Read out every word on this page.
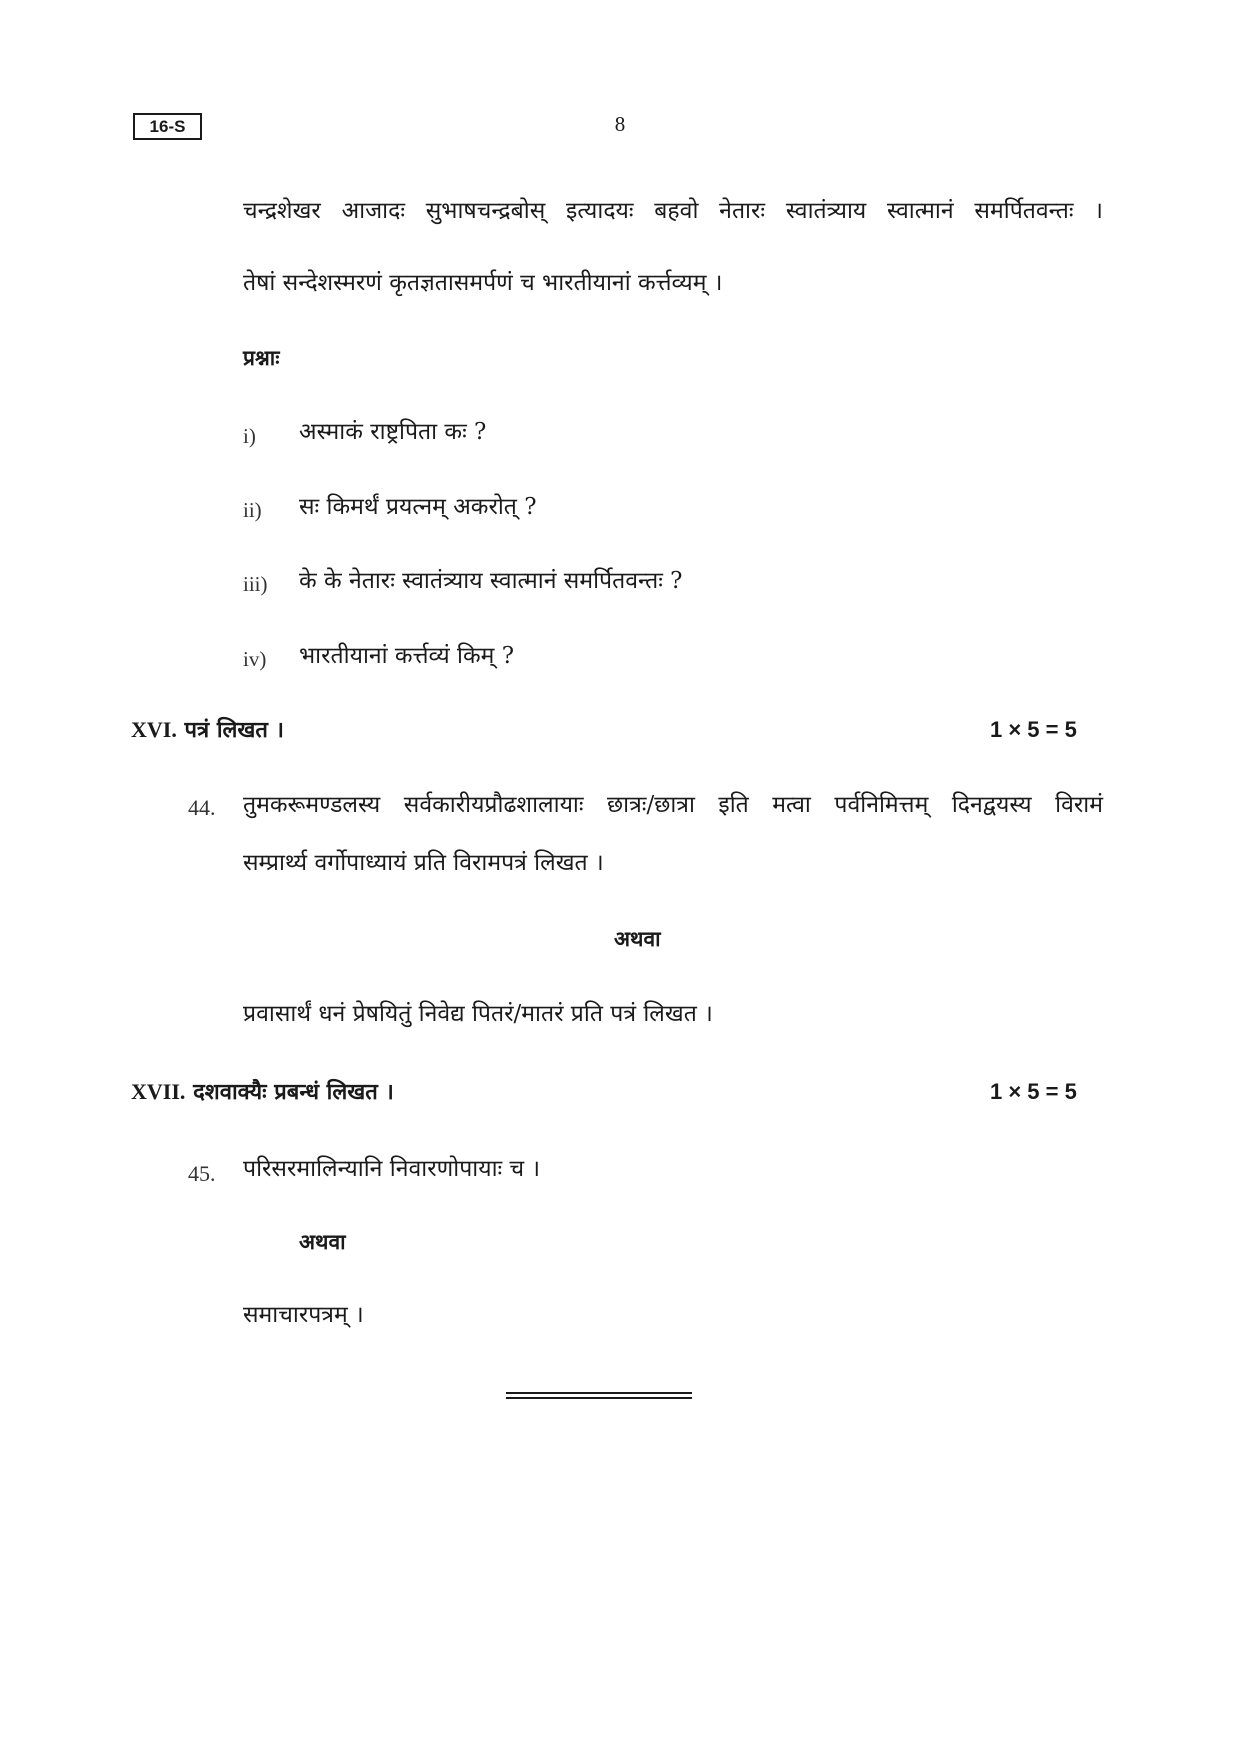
16-S	8
चन्द्रशेखर आजादः सुभाषचन्द्रबोस् इत्यादयः बहवो नेतारः स्वातंत्र्याय स्वात्मानं समर्पितवन्तः ।
तेषां सन्देशस्मरणं कृतज्ञतासमर्पणं च भारतीयानां कर्त्तव्यम् ।
प्रश्नाः
i) अस्माकं राष्ट्रपिता कः ?
ii) सः किमर्थं प्रयत्नम् अकरोत् ?
iii) के के नेतारः स्वातंत्र्याय स्वात्मानं समर्पितवन्तः ?
iv) भारतीयानां कर्त्तव्यं किम् ?
XVI. पत्रं लिखत ।	1 × 5 = 5
44. तुमकरूमण्डलस्य सर्वकारीयप्रौढशालायाः छात्रः/छात्रा इति मत्वा पर्वनिमित्तम् दिनद्वयस्य विरामं
सम्प्रार्थ्य वर्गोपाध्यायं प्रति विरामपत्रं लिखत ।
अथवा
प्रवासार्थं धनं प्रेषयितुं निवेद्य पितरं/मातरं प्रति पत्रं लिखत ।
XVII. दशवाक्यैः प्रबन्धं लिखत ।	1 × 5 = 5
45. परिसरमालिन्यानि निवारणोपायाः च ।
अथवा
समाचारपत्रम् ।
